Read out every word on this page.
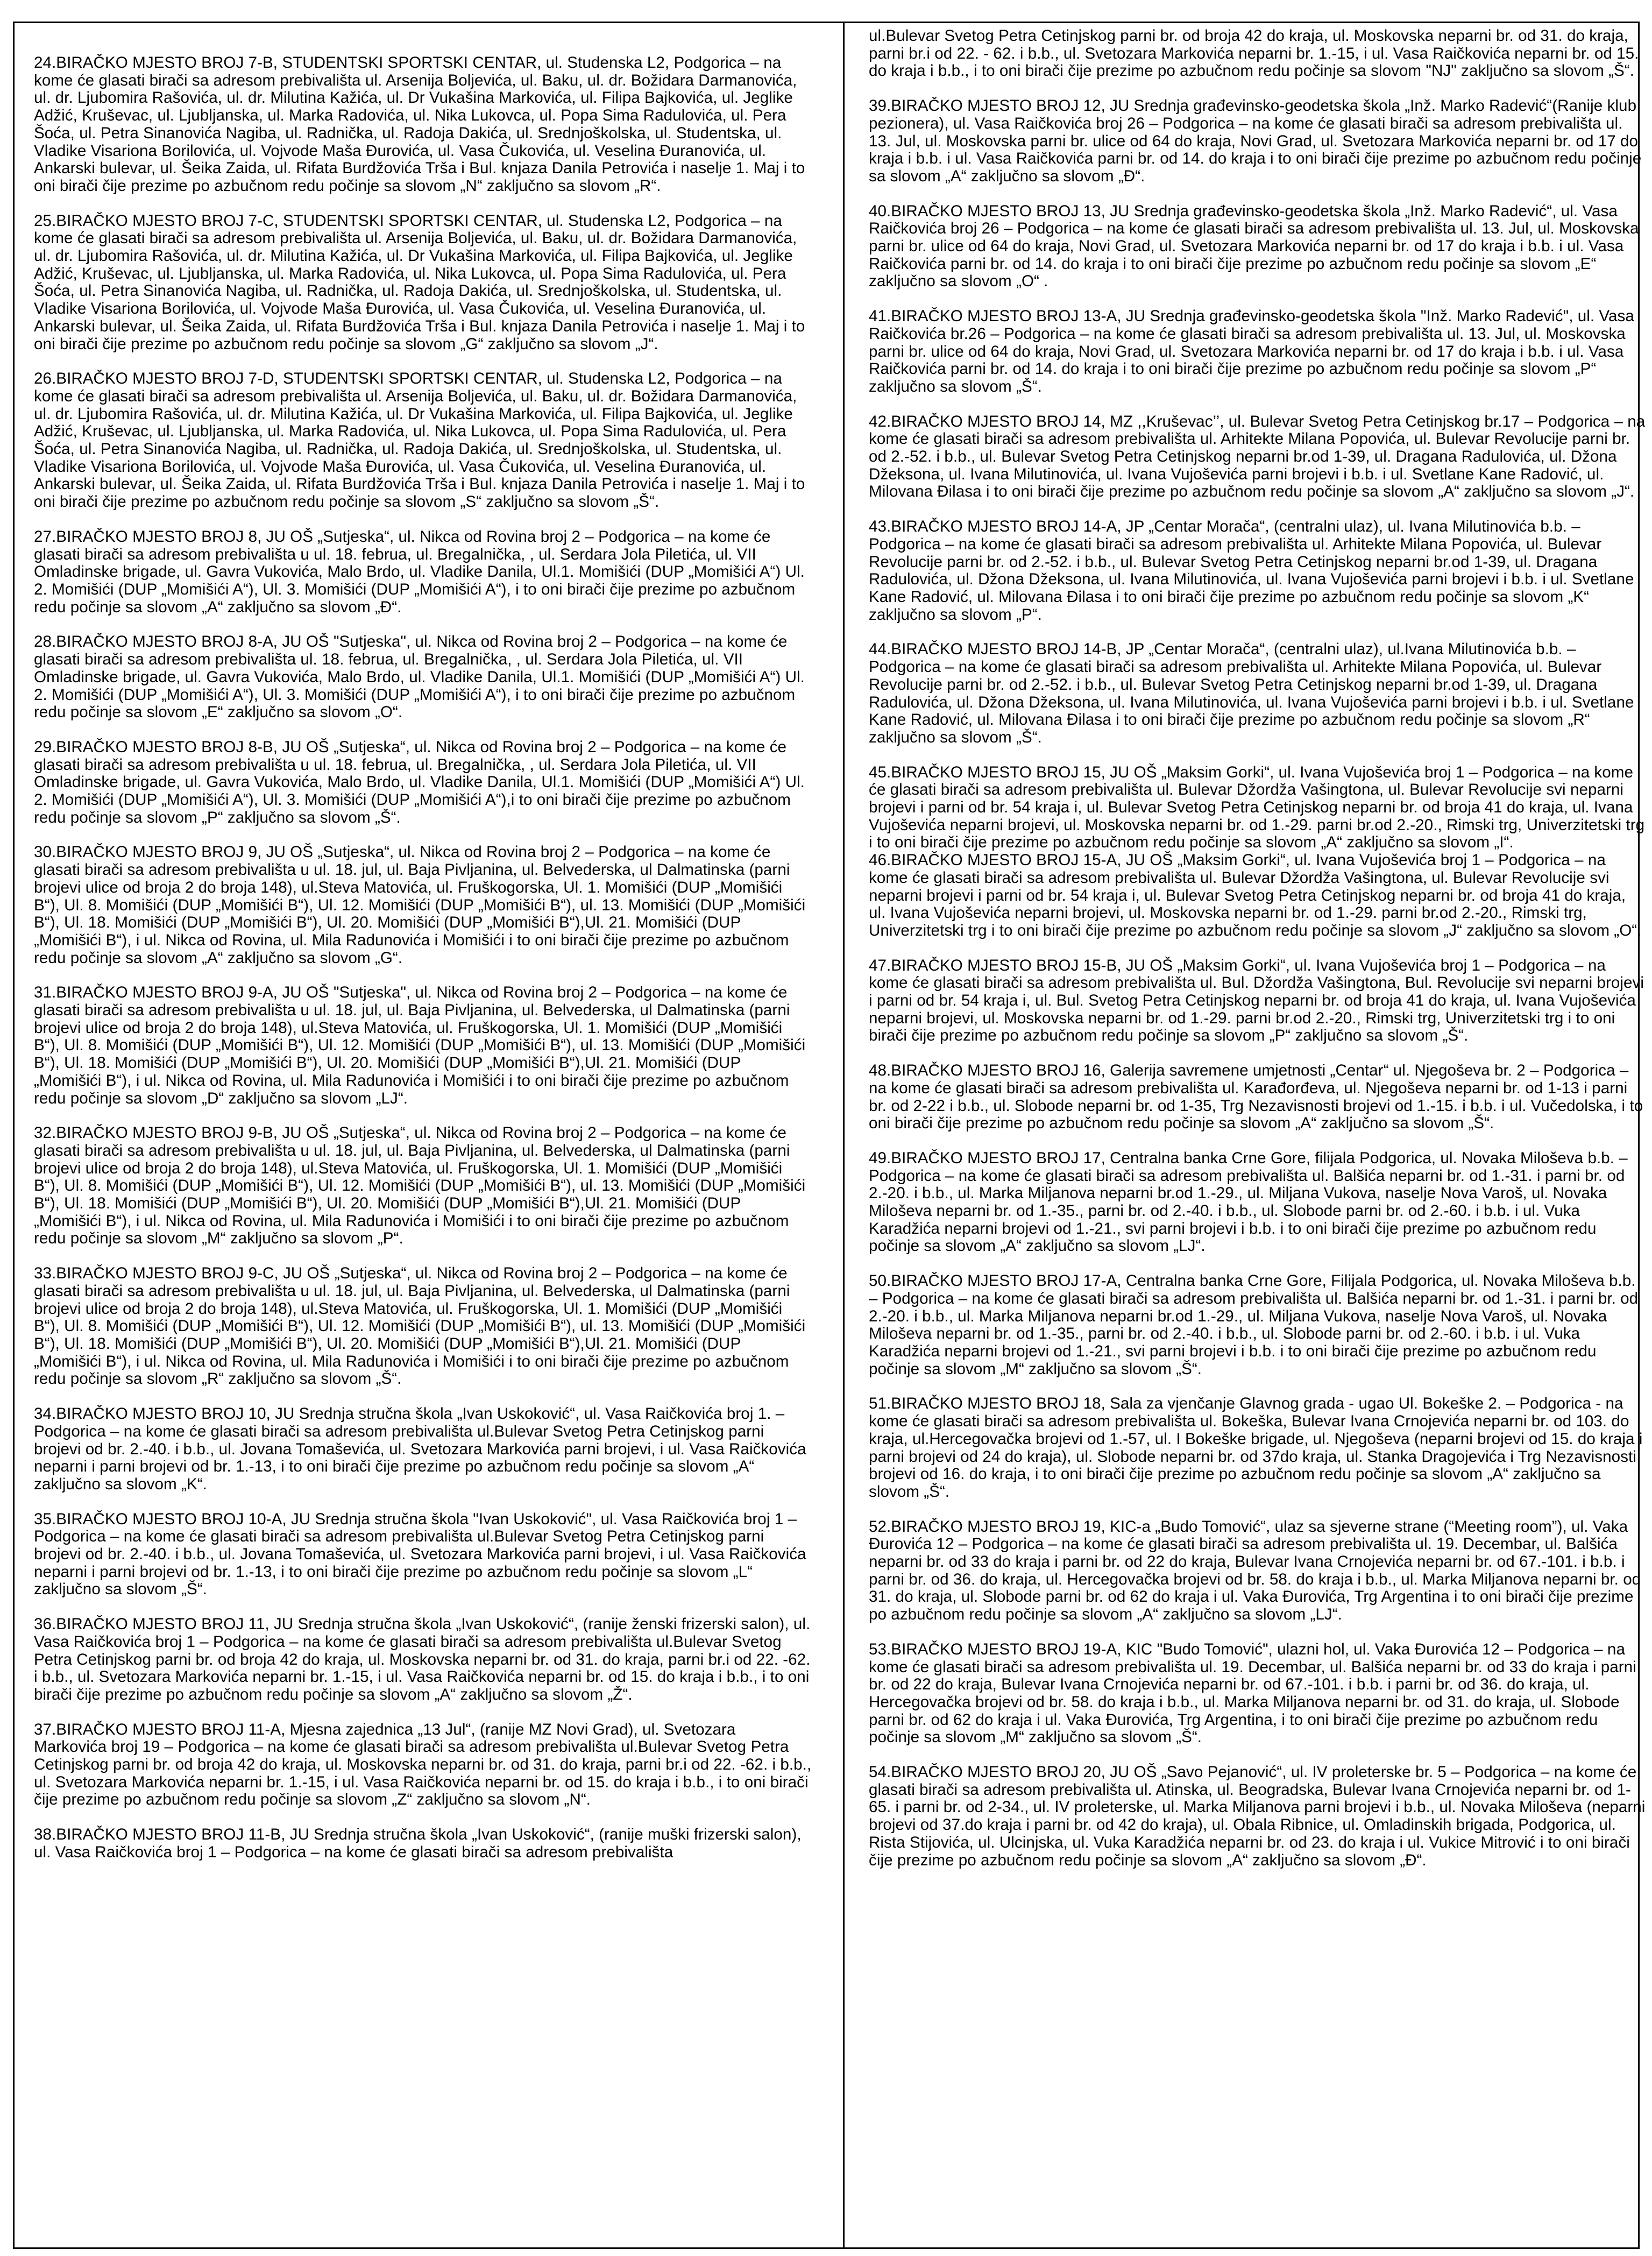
24.BIRAČKO MJESTO BROJ 7-B, STUDENTSKI SPORTSKI CENTAR, ul. Studenska L2, Podgorica – na kome će glasati birači sa adresom prebivališta ul. Arsenija Boljevića, ul. Baku, ul. dr. Božidara Darmanovića, ul. dr. Ljubomira Rašovića, ul. dr. Milutina Kažića, ul. Dr Vukašina Markovića, ul. Filipa Bajkovića, ul. Jeglike Adžić, Kruševac, ul. Ljubljanska, ul. Marka Radovića, ul. Nika Lukovca, ul. Popa Sima Radulovića, ul. Pera Šoća, ul. Petra Sinanovića Nagiba, ul. Radnička, ul. Radoja Dakića, ul. Srednjoškolska, ul. Studentska, ul. Vladike Visariona Borilovića, ul. Vojvode Maša Đurovića, ul. Vasa Čukovića, ul. Veselina Đuranovića, ul. Ankarski bulevar, ul. Šeika Zaida, ul. Rifata Burdžovića Trša i Bul. knjaza Danila Petrovića i naselje 1. Maj i to oni birači čije prezime po azbučnom redu počinje sa slovom „N“ zaključno sa slovom „R“.

25.BIRAČKO MJESTO BROJ 7-C, STUDENTSKI SPORTSKI CENTAR, ul. Studenska L2, Podgorica – na kome će glasati birači sa adresom prebivališta ul. Arsenija Boljevića, ul. Baku, ul. dr. Božidara Darmanovića, ul. dr. Ljubomira Rašovića, ul. dr. Milutina Kažića, ul. Dr Vukašina Markovića, ul. Filipa Bajkovića, ul. Jeglike Adžić, Kruševac, ul. Ljubljanska, ul. Marka Radovića, ul. Nika Lukovca, ul. Popa Sima Radulovića, ul. Pera Šoća, ul. Petra Sinanovića Nagiba, ul. Radnička, ul. Radoja Dakića, ul. Srednjoškolska, ul. Studentska, ul. Vladike Visariona Borilovića, ul. Vojvode Maša Đurovića, ul. Vasa Čukovića, ul. Veselina Đuranovića, ul. Ankarski bulevar, ul. Šeika Zaida, ul. Rifata Burdžovića Trša i Bul. knjaza Danila Petrovića i naselje 1. Maj i to oni birači čije prezime po azbučnom redu počinje sa slovom „G“ zaključno sa slovom „J“.

26.BIRAČKO MJESTO BROJ 7-D, STUDENTSKI SPORTSKI CENTAR, ul. Studenska L2, Podgorica – na kome će glasati birači sa adresom prebivališta ul. Arsenija Boljevića, ul. Baku, ul. dr. Božidara Darmanovića, ul. dr. Ljubomira Rašovića, ul. dr. Milutina Kažića, ul. Dr Vukašina Markovića, ul. Filipa Bajkovića, ul. Jeglike Adžić, Kruševac, ul. Ljubljanska, ul. Marka Radovića, ul. Nika Lukovca, ul. Popa Sima Radulovića, ul. Pera Šoća, ul. Petra Sinanovića Nagiba, ul. Radnička, ul. Radoja Dakića, ul. Srednjoškolska, ul. Studentska, ul. Vladike Visariona Borilovića, ul. Vojvode Maša Đurovića, ul. Vasa Čukovića, ul. Veselina Đuranovića, ul. Ankarski bulevar, ul. Šeika Zaida, ul. Rifata Burdžovića Trša i Bul. knjaza Danila Petrovića i naselje 1. Maj i to oni birači čije prezime po azbučnom redu počinje sa slovom „S“ zaključno sa slovom „Š“.

27.BIRAČKO MJESTO BROJ 8, JU OŠ „Sutjeska“, ul. Nikca od Rovina broj 2 – Podgorica – na kome će glasati birači sa adresom prebivališta u ul. 18. februa, ul. Bregalnička, , ul. Serdara Jola Piletića, ul. VII Omladinske brigade, ul. Gavra Vukovića, Malo Brdo, ul. Vladike Danila, Ul.1. Momišići (DUP „Momišići A“) Ul. 2. Momišići (DUP „Momišići A“), Ul. 3. Momišići (DUP „Momišići A“), i to oni birači čije prezime po azbučnom redu počinje sa slovom „A“ zaključno sa slovom „Đ“.

28.BIRAČKO MJESTO BROJ 8-A, JU OŠ "Sutjeska", ul. Nikca od Rovina broj 2 – Podgorica – na kome će glasati birači sa adresom prebivališta ul. 18. februa, ul. Bregalnička, , ul. Serdara Jola Piletića, ul. VII Omladinske brigade, ul. Gavra Vukovića, Malo Brdo, ul. Vladike Danila, Ul.1. Momišići (DUP „Momišići A“) Ul. 2. Momišići (DUP „Momišići A“), Ul. 3. Momišići (DUP „Momišići A“), i to oni birači čije prezime po azbučnom redu počinje sa slovom „E“ zaključno sa slovom „O“.

29.BIRAČKO MJESTO BROJ 8-B, JU OŠ „Sutjeska“, ul. Nikca od Rovina broj 2 – Podgorica – na kome će glasati birači sa adresom prebivališta u ul. 18. februa, ul. Bregalnička, , ul. Serdara Jola Piletića, ul. VII Omladinske brigade, ul. Gavra Vukovića, Malo Brdo, ul. Vladike Danila, Ul.1. Momišići (DUP „Momišići A“) Ul. 2. Momišići (DUP „Momišići A“), Ul. 3. Momišići (DUP „Momišići A“),i to oni birači čije prezime po azbučnom redu počinje sa slovom „P“ zaključno sa slovom „Š“.

30.BIRAČKO MJESTO BROJ 9, JU OŠ „Sutjeska“, ul. Nikca od Rovina broj 2 – Podgorica – na kome će glasati birači sa adresom prebivališta u ul. 18. jul, ul. Baja Pivljanina, ul. Belvederska, ul Dalmatinska (parni brojevi ulice od broja 2 do broja 148), ul.Steva Matovića, ul. Fruškogorska, Ul. 1. Momišići (DUP „Momišići B“), Ul. 8. Momišići (DUP „Momišići B“), Ul. 12. Momišići (DUP „Momišići B“), ul. 13. Momišići (DUP „Momišići B“), Ul. 18. Momišići (DUP „Momišići B“), Ul. 20. Momišići (DUP „Momišići B“),Ul. 21. Momišići (DUP „Momišići B“), i ul. Nikca od Rovina, ul. Mila Radunovića i Momišići i to oni birači čije prezime po azbučnom redu počinje sa slovom „A“ zaključno sa slovom „G“.

31.BIRAČKO MJESTO BROJ 9-A, JU OŠ "Sutjeska", ul. Nikca od Rovina broj 2 – Podgorica – na kome će glasati birači sa adresom prebivališta u ul. 18. jul, ul. Baja Pivljanina, ul. Belvederska, ul Dalmatinska (parni brojevi ulice od broja 2 do broja 148), ul.Steva Matovića, ul. Fruškogorska, Ul. 1. Momišići (DUP „Momišići B“), Ul. 8. Momišići (DUP „Momišići B“), Ul. 12. Momišići (DUP „Momišići B“), ul. 13. Momišići (DUP „Momišići B“), Ul. 18. Momišići (DUP „Momišići B“), Ul. 20. Momišići (DUP „Momišići B“),Ul. 21. Momišići (DUP „Momišići B“), i ul. Nikca od Rovina, ul. Mila Radunovića i Momišići i to oni birači čije prezime po azbučnom redu počinje sa slovom „D“ zaključno sa slovom „LJ“.

32.BIRAČKO MJESTO BROJ 9-B, JU OŠ „Sutjeska“, ul. Nikca od Rovina broj 2 – Podgorica – na kome će glasati birači sa adresom prebivališta u ul. 18. jul, ul. Baja Pivljanina, ul. Belvederska, ul Dalmatinska (parni brojevi ulice od broja 2 do broja 148), ul.Steva Matovića, ul. Fruškogorska, Ul. 1. Momišići (DUP „Momišići B“), Ul. 8. Momišići (DUP „Momišići B“), Ul. 12. Momišići (DUP „Momišići B“), ul. 13. Momišići (DUP „Momišići B“), Ul. 18. Momišići (DUP „Momišići B“), Ul. 20. Momišići (DUP „Momišići B“),Ul. 21. Momišići (DUP „Momišići B“), i ul. Nikca od Rovina, ul. Mila Radunovića i Momišići i to oni birači čije prezime po azbučnom redu počinje sa slovom „M“ zaključno sa slovom „P“.

33.BIRAČKO MJESTO BROJ 9-C, JU OŠ „Sutjeska“, ul. Nikca od Rovina broj 2 – Podgorica – na kome će glasati birači sa adresom prebivališta u ul. 18. jul, ul. Baja Pivljanina, ul. Belvederska, ul Dalmatinska (parni brojevi ulice od broja 2 do broja 148), ul.Steva Matovića, ul. Fruškogorska, Ul. 1. Momišići (DUP „Momišići B“), Ul. 8. Momišići (DUP „Momišići B“), Ul. 12. Momišići (DUP „Momišići B“), ul. 13. Momišići (DUP „Momišići B“), Ul. 18. Momišići (DUP „Momišići B“), Ul. 20. Momišići (DUP „Momišići B“),Ul. 21. Momišići (DUP „Momišići B“), i ul. Nikca od Rovina, ul. Mila Radunovića i Momišići i to oni birači čije prezime po azbučnom redu počinje sa slovom „R“ zaključno sa slovom „Š“.

34.BIRAČKO MJESTO BROJ 10, JU Srednja stručna škola „Ivan Uskoković“, ul. Vasa Raičkovića broj 1. – Podgorica – na kome će glasati birači sa adresom prebivališta ul.Bulevar Svetog Petra Cetinjskog parni brojevi od br. 2.-40. i b.b., ul. Jovana Tomaševića, ul. Svetozara Markovića parni brojevi, i ul. Vasa Raičkovića neparni i parni brojevi od br. 1.-13, i to oni birači čije prezime po azbučnom redu počinje sa slovom „A“ zaključno sa slovom „K“.

35.BIRAČKO MJESTO BROJ 10-A, JU Srednja stručna škola "Ivan Uskoković", ul. Vasa Raičkovića broj 1 – Podgorica – na kome će glasati birači sa adresom prebivališta ul.Bulevar Svetog Petra Cetinjskog parni brojevi od br. 2.-40. i b.b., ul. Jovana Tomaševića, ul. Svetozara Markovića parni brojevi, i ul. Vasa Raičkovića neparni i parni brojevi od br. 1.-13, i to oni birači čije prezime po azbučnom redu počinje sa slovom „L“ zaključno sa slovom „Š“.

36.BIRAČKO MJESTO BROJ 11, JU Srednja stručna škola „Ivan Uskoković“, (ranije ženski frizerski salon), ul. Vasa Raičkovića broj 1 – Podgorica – na kome će glasati birači sa adresom prebivališta ul.Bulevar Svetog Petra Cetinjskog parni br. od broja 42 do kraja, ul. Moskovska neparni br. od 31. do kraja, parni br.i od 22. -62. i b.b., ul. Svetozara Markovića neparni br. 1.-15, i ul. Vasa Raičkovića neparni br. od 15. do kraja i b.b., i to oni birači čije prezime po azbučnom redu počinje sa slovom „A“ zaključno sa slovom „Ž“.

37.BIRAČKO MJESTO BROJ 11-A, Mjesna zajednica „13 Jul“, (ranije MZ Novi Grad), ul. Svetozara Markovića broj 19 – Podgorica – na kome će glasati birači sa adresom prebivališta ul.Bulevar Svetog Petra Cetinjskog parni br. od broja 42 do kraja, ul. Moskovska neparni br. od 31. do kraja, parni br.i od 22. -62. i b.b., ul. Svetozara Markovića neparni br. 1.-15, i ul. Vasa Raičkovića neparni br. od 15. do kraja i b.b., i to oni birači čije prezime po azbučnom redu počinje sa slovom „Z“ zaključno sa slovom „N“.

38.BIRAČKO MJESTO BROJ 11-B, JU Srednja stručna škola „Ivan Uskoković“, (ranije muški frizerski salon), ul. Vasa Raičkovića broj 1 – Podgorica – na kome će glasati birači sa adresom prebivališta

ul.Bulevar Svetog Petra Cetinjskog parni br. od broja 42 do kraja, ul. Moskovska neparni br. od 31. do kraja, parni br.i od 22. - 62. i b.b., ul. Svetozara Markovića neparni br. 1.-15, i ul. Vasa Raičkovića neparni br. od 15. do kraja i b.b., i to oni birači čije prezime po azbučnom redu počinje sa slovom "NJ" zaključno sa slovom „Š“.

39.BIRAČKO MJESTO BROJ 12, JU Srednja građevinsko-geodetska škola „Inž. Marko Radević“(Ranije klub pezionera), ul. Vasa Raičkovića broj 26 – Podgorica – na kome će glasati birači sa adresom prebivališta ul. 13. Jul, ul. Moskovska parni br. ulice od 64 do kraja, Novi Grad, ul. Svetozara Markovića neparni br. od 17 do kraja i b.b. i ul. Vasa Raičkovića parni br. od 14. do kraja i to oni birači čije prezime po azbučnom redu počinje sa slovom „A“ zaključno sa slovom „Đ“.

40.BIRAČKO MJESTO BROJ 13, JU Srednja građevinsko-geodetska škola „Inž. Marko Radević“, ul. Vasa Raičkovića broj 26 – Podgorica – na kome će glasati birači sa adresom prebivališta ul. 13. Jul, ul. Moskovska parni br. ulice od 64 do kraja, Novi Grad, ul. Svetozara Markovića neparni br. od 17 do kraja i b.b. i ul. Vasa Raičkovića parni br. od 14. do kraja i to oni birači čije prezime po azbučnom redu počinje sa slovom „E“ zaključno sa slovom „O“ .

41.BIRAČKO MJESTO BROJ 13-A, JU Srednja građevinsko-geodetska škola "Inž. Marko Radević", ul. Vasa Raičkovića br.26 – Podgorica – na kome će glasati birači sa adresom prebivališta ul. 13. Jul, ul. Moskovska parni br. ulice od 64 do kraja, Novi Grad, ul. Svetozara Markovića neparni br. od 17 do kraja i b.b. i ul. Vasa Raičkovića parni br. od 14. do kraja i to oni birači čije prezime po azbučnom redu počinje sa slovom „P“ zaključno sa slovom „Š“.

42.BIRAČKO MJESTO BROJ 14, MZ ,,Kruševac’’, ul. Bulevar Svetog Petra Cetinjskog br.17 – Podgorica – na kome će glasati birači sa adresom prebivališta ul. Arhitekte Milana Popovića, ul. Bulevar Revolucije parni br. od 2.-52. i b.b., ul. Bulevar Svetog Petra Cetinjskog neparni br.od 1-39, ul. Dragana Radulovića, ul. Džona Džeksona, ul. Ivana Milutinovića, ul. Ivana Vujoševića parni brojevi i b.b. i ul. Svetlane Kane Radović, ul. Milovana Đilasa i to oni birači čije prezime po azbučnom redu počinje sa slovom „A“ zaključno sa slovom „J“.

43.BIRAČKO MJESTO BROJ 14-A, JP „Centar Morača“, (centralni ulaz), ul. Ivana Milutinovića b.b. – Podgorica – na kome će glasati birači sa adresom prebivališta ul. Arhitekte Milana Popovića, ul. Bulevar Revolucije parni br. od 2.-52. i b.b., ul. Bulevar Svetog Petra Cetinjskog neparni br.od 1-39, ul. Dragana Radulovića, ul. Džona Džeksona, ul. Ivana Milutinovića, ul. Ivana Vujoševića parni brojevi i b.b. i ul. Svetlane Kane Radović, ul. Milovana Đilasa i to oni birači čije prezime po azbučnom redu počinje sa slovom „K“ zaključno sa slovom „P“.

44.BIRAČKO MJESTO BROJ 14-B, JP „Centar Morača“, (centralni ulaz), ul.Ivana Milutinovića b.b. – Podgorica – na kome će glasati birači sa adresom prebivališta ul. Arhitekte Milana Popovića, ul. Bulevar Revolucije parni br. od 2.-52. i b.b., ul. Bulevar Svetog Petra Cetinjskog neparni br.od 1-39, ul. Dragana Radulovića, ul. Džona Džeksona, ul. Ivana Milutinovića, ul. Ivana Vujoševića parni brojevi i b.b. i ul. Svetlane Kane Radović, ul. Milovana Đilasa i to oni birači čije prezime po azbučnom redu počinje sa slovom „R“ zaključno sa slovom „Š“.

45.BIRAČKO MJESTO BROJ 15, JU OŠ „Maksim Gorki“, ul. Ivana Vujoševića broj 1 – Podgorica – na kome će glasati birači sa adresom prebivališta ul. Bulevar Džordža Vašingtona, ul. Bulevar Revolucije svi neparni brojevi i parni od br. 54 kraja i, ul. Bulevar Svetog Petra Cetinjskog neparni br. od broja 41 do kraja, ul. Ivana Vujoševića neparni brojevi, ul. Moskovska neparni br. od 1.-29. parni br.od 2.-20., Rimski trg, Univerzitetski trg i to oni birači čije prezime po azbučnom redu počinje sa slovom „A“ zaključno sa slovom „I“.

46.BIRAČKO MJESTO BROJ 15-A, JU OŠ „Maksim Gorki“, ul. Ivana Vujoševića broj 1 – Podgorica – na kome će glasati birači sa adresom prebivališta ul. Bulevar Džordža Vašingtona, ul. Bulevar Revolucije svi neparni brojevi i parni od br. 54 kraja i, ul. Bulevar Svetog Petra Cetinjskog neparni br. od broja 41 do kraja, ul. Ivana Vujoševića neparni brojevi, ul. Moskovska neparni br. od 1.-29. parni br.od 2.-20., Rimski trg, Univerzitetski trg i to oni birači čije prezime po azbučnom redu počinje sa slovom „J“ zaključno sa slovom „O“.

47.BIRAČKO MJESTO BROJ 15-B, JU OŠ „Maksim Gorki“, ul. Ivana Vujoševića broj 1 – Podgorica – na kome će glasati birači sa adresom prebivališta ul. Bul. Džordža Vašingtona, Bul. Revolucije svi neparni brojevi i parni od br. 54 kraja i, ul. Bul. Svetog Petra Cetinjskog neparni br. od broja 41 do kraja, ul. Ivana Vujoševića neparni brojevi, ul. Moskovska neparni br. od 1.-29. parni br.od 2.-20., Rimski trg, Univerzitetski trg i to oni birači čije prezime po azbučnom redu počinje sa slovom „P“ zaključno sa slovom „Š“.

48.BIRAČKO MJESTO BROJ 16, Galerija savremene umjetnosti „Centar“ ul. Njegoševa br. 2 – Podgorica – na kome će glasati birači sa adresom prebivališta ul. Karađorđeva, ul. Njegoševa neparni br. od 1-13 i parni br. od 2-22 i b.b., ul. Slobode neparni br. od 1-35, Trg Nezavisnosti brojevi od 1.-15. i b.b. i ul. Vučedolska, i to oni birači čije prezime po azbučnom redu počinje sa slovom „A“ zaključno sa slovom „Š“.

49.BIRAČKO MJESTO BROJ 17, Centralna banka Crne Gore, filijala Podgorica, ul. Novaka Miloševa b.b. – Podgorica – na kome će glasati birači sa adresom prebivališta ul. Balšića neparni br. od 1.-31. i parni br. od 2.-20. i b.b., ul. Marka Miljanova neparni br.od 1.-29., ul. Miljana Vukova, naselje Nova Varoš, ul. Novaka Miloševa neparni br. od 1.-35., parni br. od 2.-40. i b.b., ul. Slobode parni br. od 2.-60. i b.b. i ul. Vuka Karadžića neparni brojevi od 1.-21., svi parni brojevi i b.b. i to oni birači čije prezime po azbučnom redu počinje sa slovom „A“ zaključno sa slovom „LJ“.

50.BIRAČKO MJESTO BROJ 17-A, Centralna banka Crne Gore, Filijala Podgorica, ul. Novaka Miloševa b.b. – Podgorica – na kome će glasati birači sa adresom prebivališta ul. Balšića neparni br. od 1.-31. i parni br. od 2.-20. i b.b., ul. Marka Miljanova neparni br.od 1.-29., ul. Miljana Vukova, naselje Nova Varoš, ul. Novaka Miloševa neparni br. od 1.-35., parni br. od 2.-40. i b.b., ul. Slobode parni br. od 2.-60. i b.b. i ul. Vuka Karadžića neparni brojevi od 1.-21., svi parni brojevi i b.b. i to oni birači čije prezime po azbučnom redu počinje sa slovom „M“ zaključno sa slovom „Š“.

51.BIRAČKO MJESTO BROJ 18, Sala za vjenčanje Glavnog grada - ugao Ul. Bokeške 2. – Podgorica - na kome će glasati birači sa adresom prebivališta ul. Bokeška, Bulevar Ivana Crnojevića neparni br. od 103. do kraja, ul.Hercegovačka brojevi od 1.-57, ul. I Bokeške brigade, ul. Njegoševa (neparni brojevi od 15. do kraja i parni brojevi od 24 do kraja), ul. Slobode neparni br. od 37do kraja, ul. Stanka Dragojevića i Trg Nezavisnosti brojevi od 16. do kraja, i to oni birači čije prezime po azbučnom redu počinje sa slovom „A“ zaključno sa slovom „Š“.

52.BIRAČKO MJESTO BROJ 19, KIC-a „Budo Tomović“, ulaz sa sjeverne strane (“Meeting room”), ul. Vaka Đurovića 12 – Podgorica – na kome će glasati birači sa adresom prebivališta ul. 19. Decembar, ul. Balšića neparni br. od 33 do kraja i parni br. od 22 do kraja, Bulevar Ivana Crnojevića neparni br. od 67.-101. i b.b. i parni br. od 36. do kraja, ul. Hercegovačka brojevi od br. 58. do kraja i b.b., ul. Marka Miljanova neparni br. od 31. do kraja, ul. Slobode parni br. od 62 do kraja i ul. Vaka Đurovića, Trg Argentina i to oni birači čije prezime po azbučnom redu počinje sa slovom „A“ zaključno sa slovom „LJ“.

53.BIRAČKO MJESTO BROJ 19-A, KIC "Budo Tomović", ulazni hol, ul. Vaka Đurovića 12 – Podgorica – na kome će glasati birači sa adresom prebivališta ul. 19. Decembar, ul. Balšića neparni br. od 33 do kraja i parni br. od 22 do kraja, Bulevar Ivana Crnojevića neparni br. od 67.-101. i b.b. i parni br. od 36. do kraja, ul. Hercegovačka brojevi od br. 58. do kraja i b.b., ul. Marka Miljanova neparni br. od 31. do kraja, ul. Slobode parni br. od 62 do kraja i ul. Vaka Đurovića, Trg Argentina, i to oni birači čije prezime po azbučnom redu počinje sa slovom „M“ zaključno sa slovom „Š“.

54.BIRAČKO MJESTO BROJ 20, JU OŠ „Savo Pejanović“, ul. IV proleterske br. 5 – Podgorica – na kome će glasati birači sa adresom prebivališta ul. Atinska, ul. Beogradska, Bulevar Ivana Crnojevića neparni br. od 1-65. i parni br. od 2-34., ul. IV proleterske, ul. Marka Miljanova parni brojevi i b.b., ul. Novaka Miloševa (neparni brojevi od 37.do kraja i parni br. od 42 do kraja), ul. Obala Ribnice, ul. Omladinskih brigada, Podgorica, ul. Rista Stijovića, ul. Ulcinjska, ul. Vuka Karadžića neparni br. od 23. do kraja i ul. Vukice Mitrović i to oni birači čije prezime po azbučnom redu počinje sa slovom „A“ zaključno sa slovom „Đ“.
